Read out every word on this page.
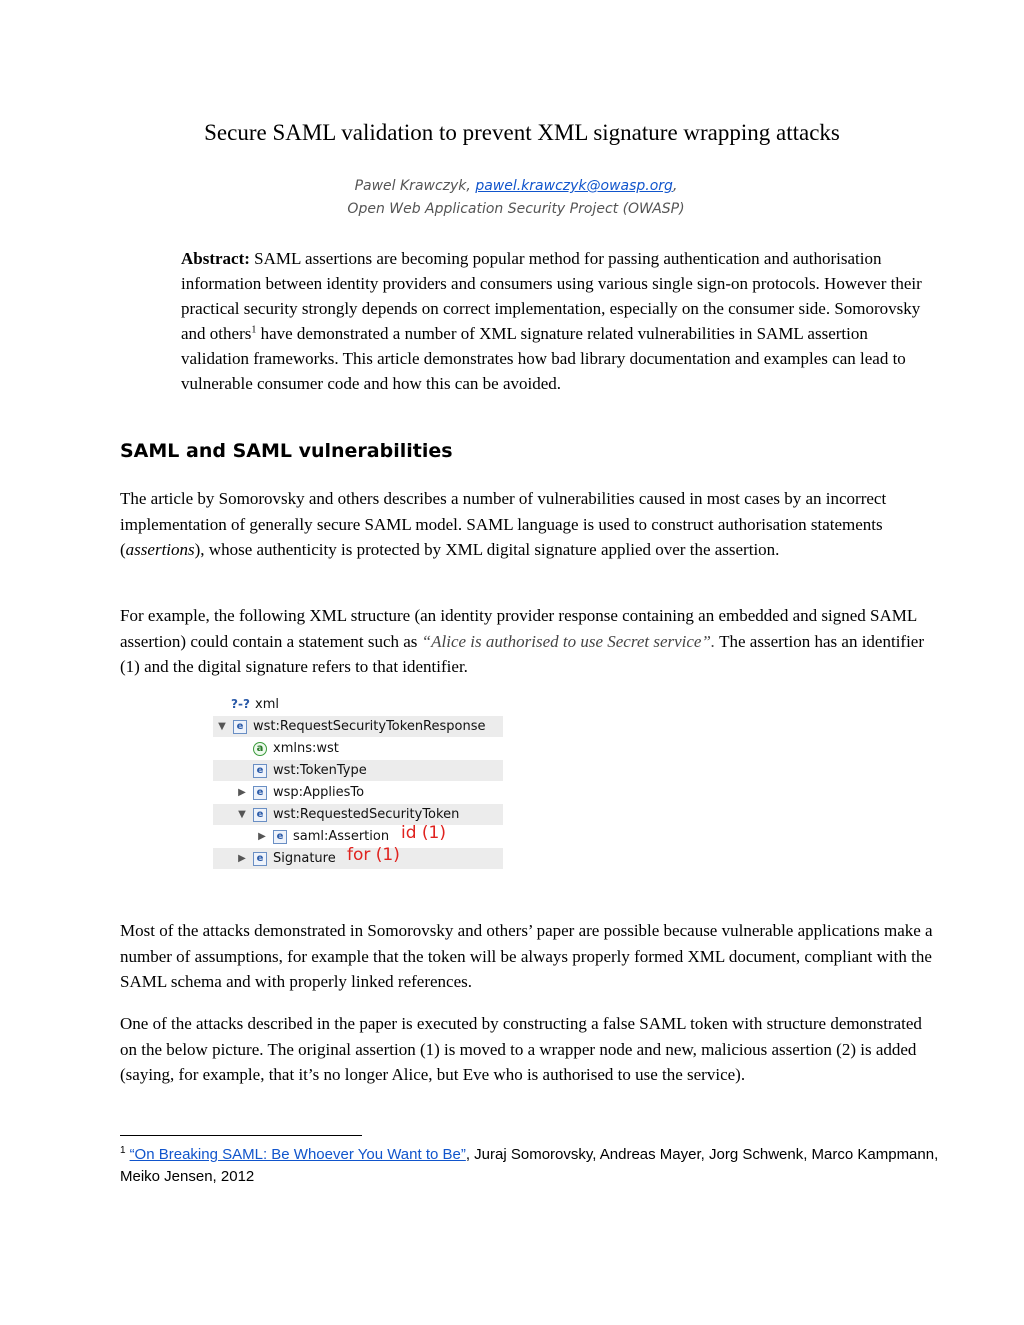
Secure SAML validation to prevent XML signature wrapping attacks
Pawel Krawczyk, pawel.krawczyk@owasp.org,
Open Web Application Security Project (OWASP)

Abstract: SAML assertions are becoming popular method for passing authentication and authorisation information between identity providers and consumers using various single sign-on protocols. However their practical security strongly depends on correct implementation, especially on the consumer side. Somorovsky and others$^1$ have demonstrated a number of XML signature related vulnerabilities in SAML assertion validation frameworks. This article demonstrates how bad library documentation and examples can lead to vulnerable consumer code and how this can be avoided.

SAML and SAML vulnerabilities

The article by Somorovsky and others describes a number of vulnerabilities caused in most cases by an incorrect implementation of generally secure SAML model. SAML language is used to construct authorisation statements (assertions), whose authenticity is protected by XML digital signature applied over the assertion.

For example, the following XML structure (an identity provider response containing an embedded and signed SAML assertion) could contain a statement such as “Alice is authorised to use Secret service”. The assertion has an identifier (1) and the digital signature refers to that identifier.

?-? xml
▼	e wst:RequestSecurityTokenResponse
a xmlns:wst
e wst:TokenType
▶	e wsp:AppliesTo
▼	e wst:RequestedSecurityToken
▶	e saml:Assertion id (1)
▶	e Signature for (1)

Most of the attacks demonstrated in Somorovsky and others’ paper are possible because vulnerable applications make a number of assumptions, for example that the token will be always properly formed XML document, compliant with the SAML schema and with properly linked references.

One of the attacks described in the paper is executed by constructing a false SAML token with structure demonstrated on the below picture. The original assertion (1) is moved to a wrapper node and new, malicious assertion (2) is added (saying, for example, that it’s no longer Alice, but Eve who is authorised to use the service).

$^1$ “On Breaking SAML: Be Whoever You Want to Be”, Juraj Somorovsky, Andreas Mayer, Jorg Schwenk, Marco Kampmann, Meiko Jensen, 2012
